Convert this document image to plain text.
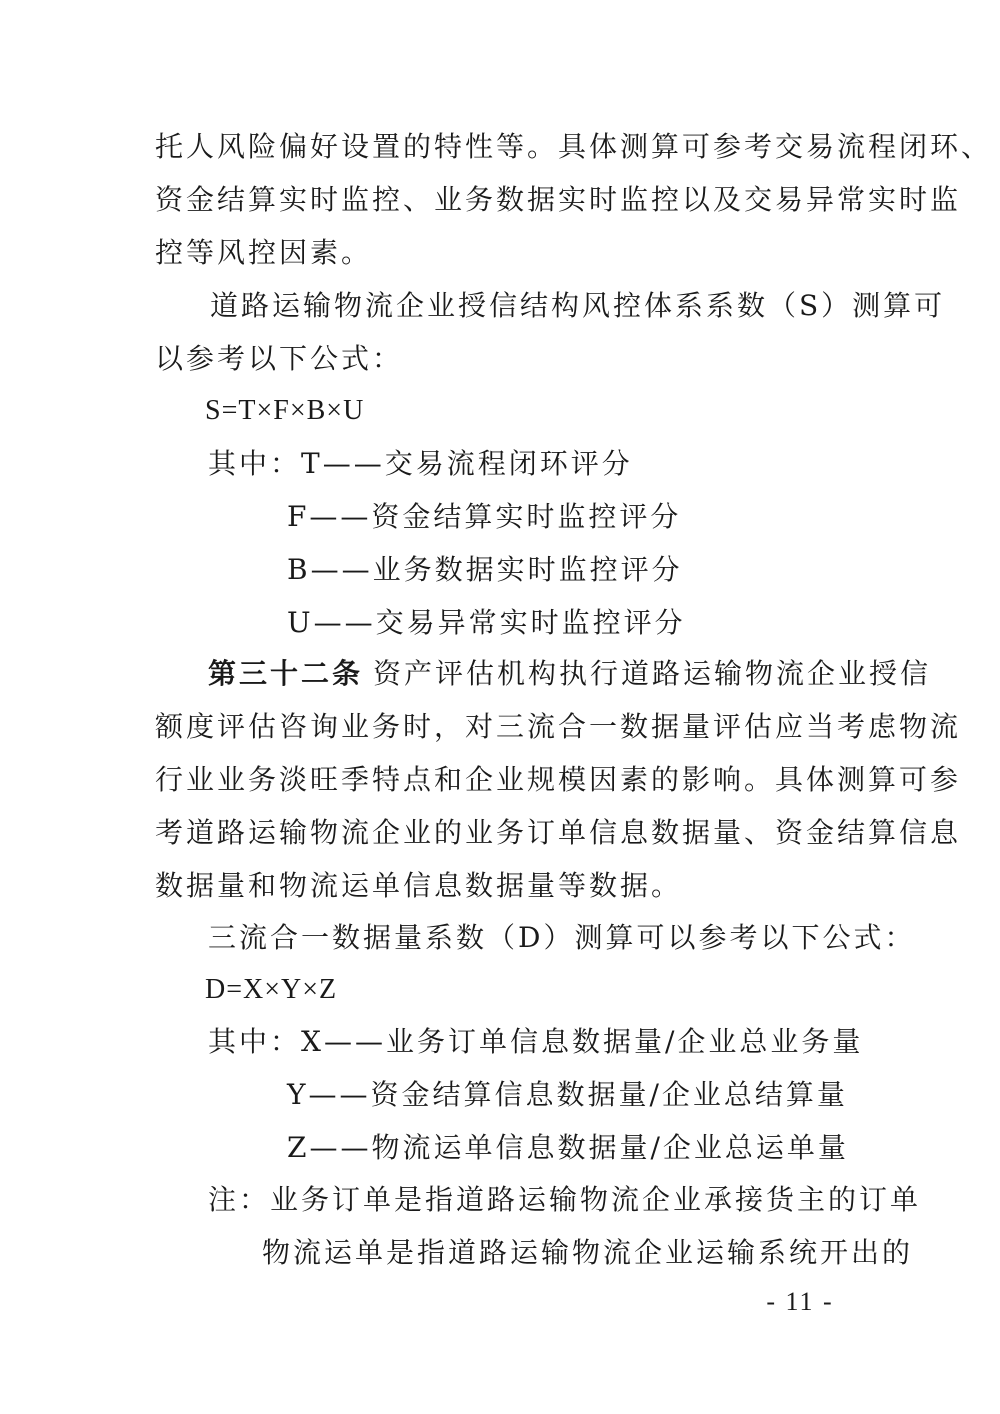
托人风险偏好设置的特性等。具体测算可参考交易流程闭环、

资金结算实时监控、业务数据实时监控以及交易异常实时监

控等风控因素。

道路运输物流企业授信结构风控体系系数（S）测算可

以参考以下公式：

S=T×F×B×U

其中：T——交易流程闭环评分

F——资金结算实时监控评分

B——业务数据实时监控评分

U——交易异常实时监控评分

第三十二条 资产评估机构执行道路运输物流企业授信

额度评估咨询业务时，对三流合一数据量评估应当考虑物流

行业业务淡旺季特点和企业规模因素的影响。具体测算可参

考道路运输物流企业的业务订单信息数据量、资金结算信息

数据量和物流运单信息数据量等数据。

三流合一数据量系数（D）测算可以参考以下公式：

D=X×Y×Z

其中：X——业务订单信息数据量/企业总业务量

Y——资金结算信息数据量/企业总结算量

Z——物流运单信息数据量/企业总运单量

注：业务订单是指道路运输物流企业承接货主的订单

物流运单是指道路运输物流企业运输系统开出的

- 11 -
